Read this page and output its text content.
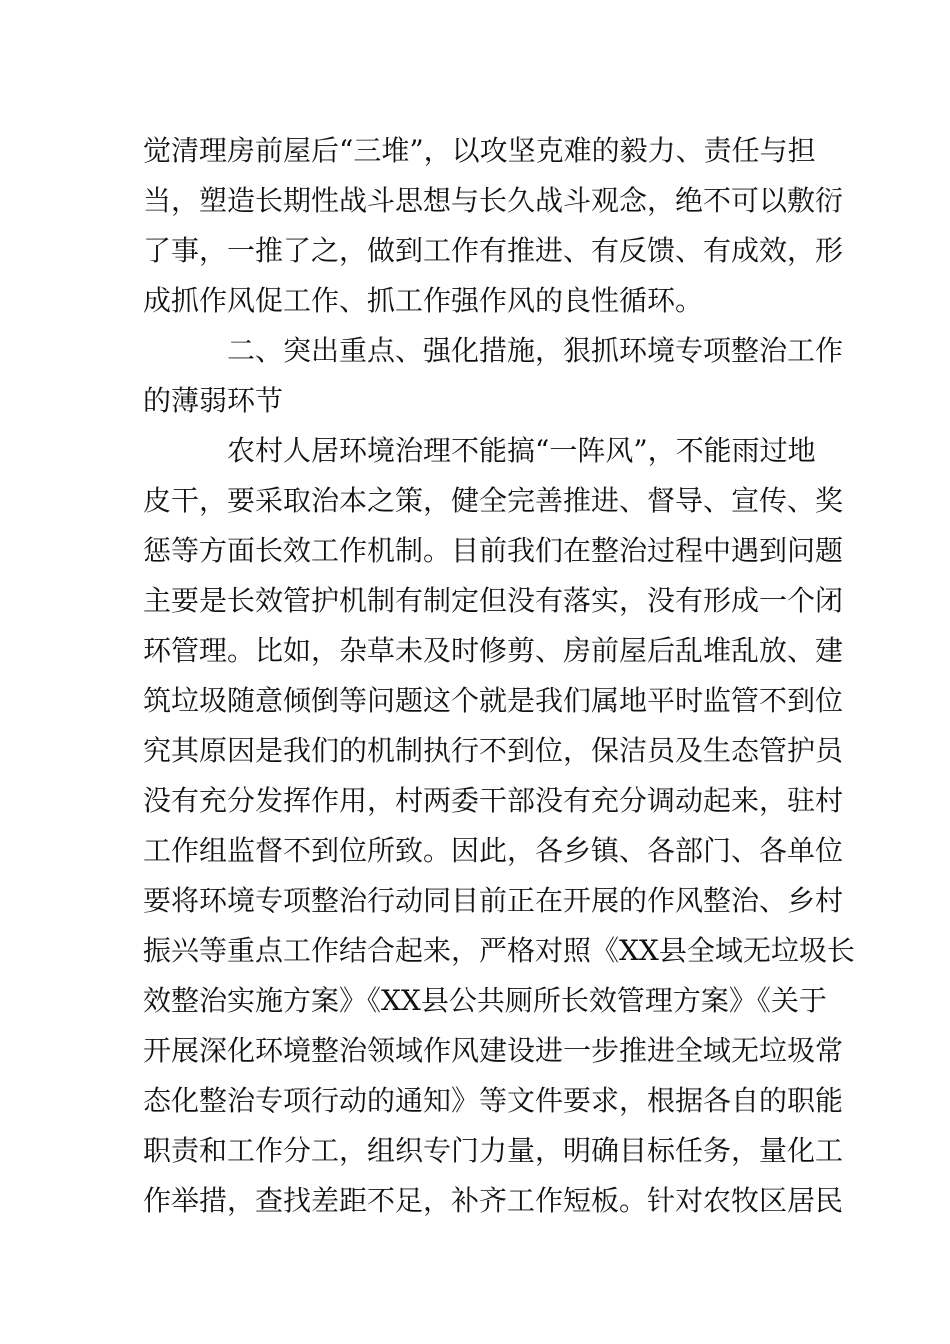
觉清理房前屋后“三堆”，以攻坚克难的毅力、责任与担
当，塑造长期性战斗思想与长久战斗观念，绝不可以敷衍
了事，一推了之，做到工作有推进、有反馈、有成效，形
成抓作风促工作、抓工作强作风的良性循环。
二、突出重点、强化措施，狠抓环境专项整治工作
的薄弱环节
农村人居环境治理不能搞“一阵风”，不能雨过地
皮干，要采取治本之策，健全完善推进、督导、宣传、奖
惩等方面长效工作机制。目前我们在整治过程中遇到问题
主要是长效管护机制有制定但没有落实，没有形成一个闭
环管理。比如，杂草未及时修剪、房前屋后乱堆乱放、建
筑垃圾随意倾倒等问题这个就是我们属地平时监管不到位
究其原因是我们的机制执行不到位，保洁员及生态管护员
没有充分发挥作用，村两委干部没有充分调动起来，驻村
工作组监督不到位所致。因此，各乡镇、各部门、各单位
要将环境专项整治行动同目前正在开展的作风整治、乡村
振兴等重点工作结合起来，严格对照《XX县全域无垃圾长
效整治实施方案》《XX县公共厕所长效管理方案》《关于
开展深化环境整治领域作风建设进一步推进全域无垃圾常
态化整治专项行动的通知》等文件要求，根据各自的职能
职责和工作分工，组织专门力量，明确目标任务，量化工
作举措，查找差距不足，补齐工作短板。针对农牧区居民
